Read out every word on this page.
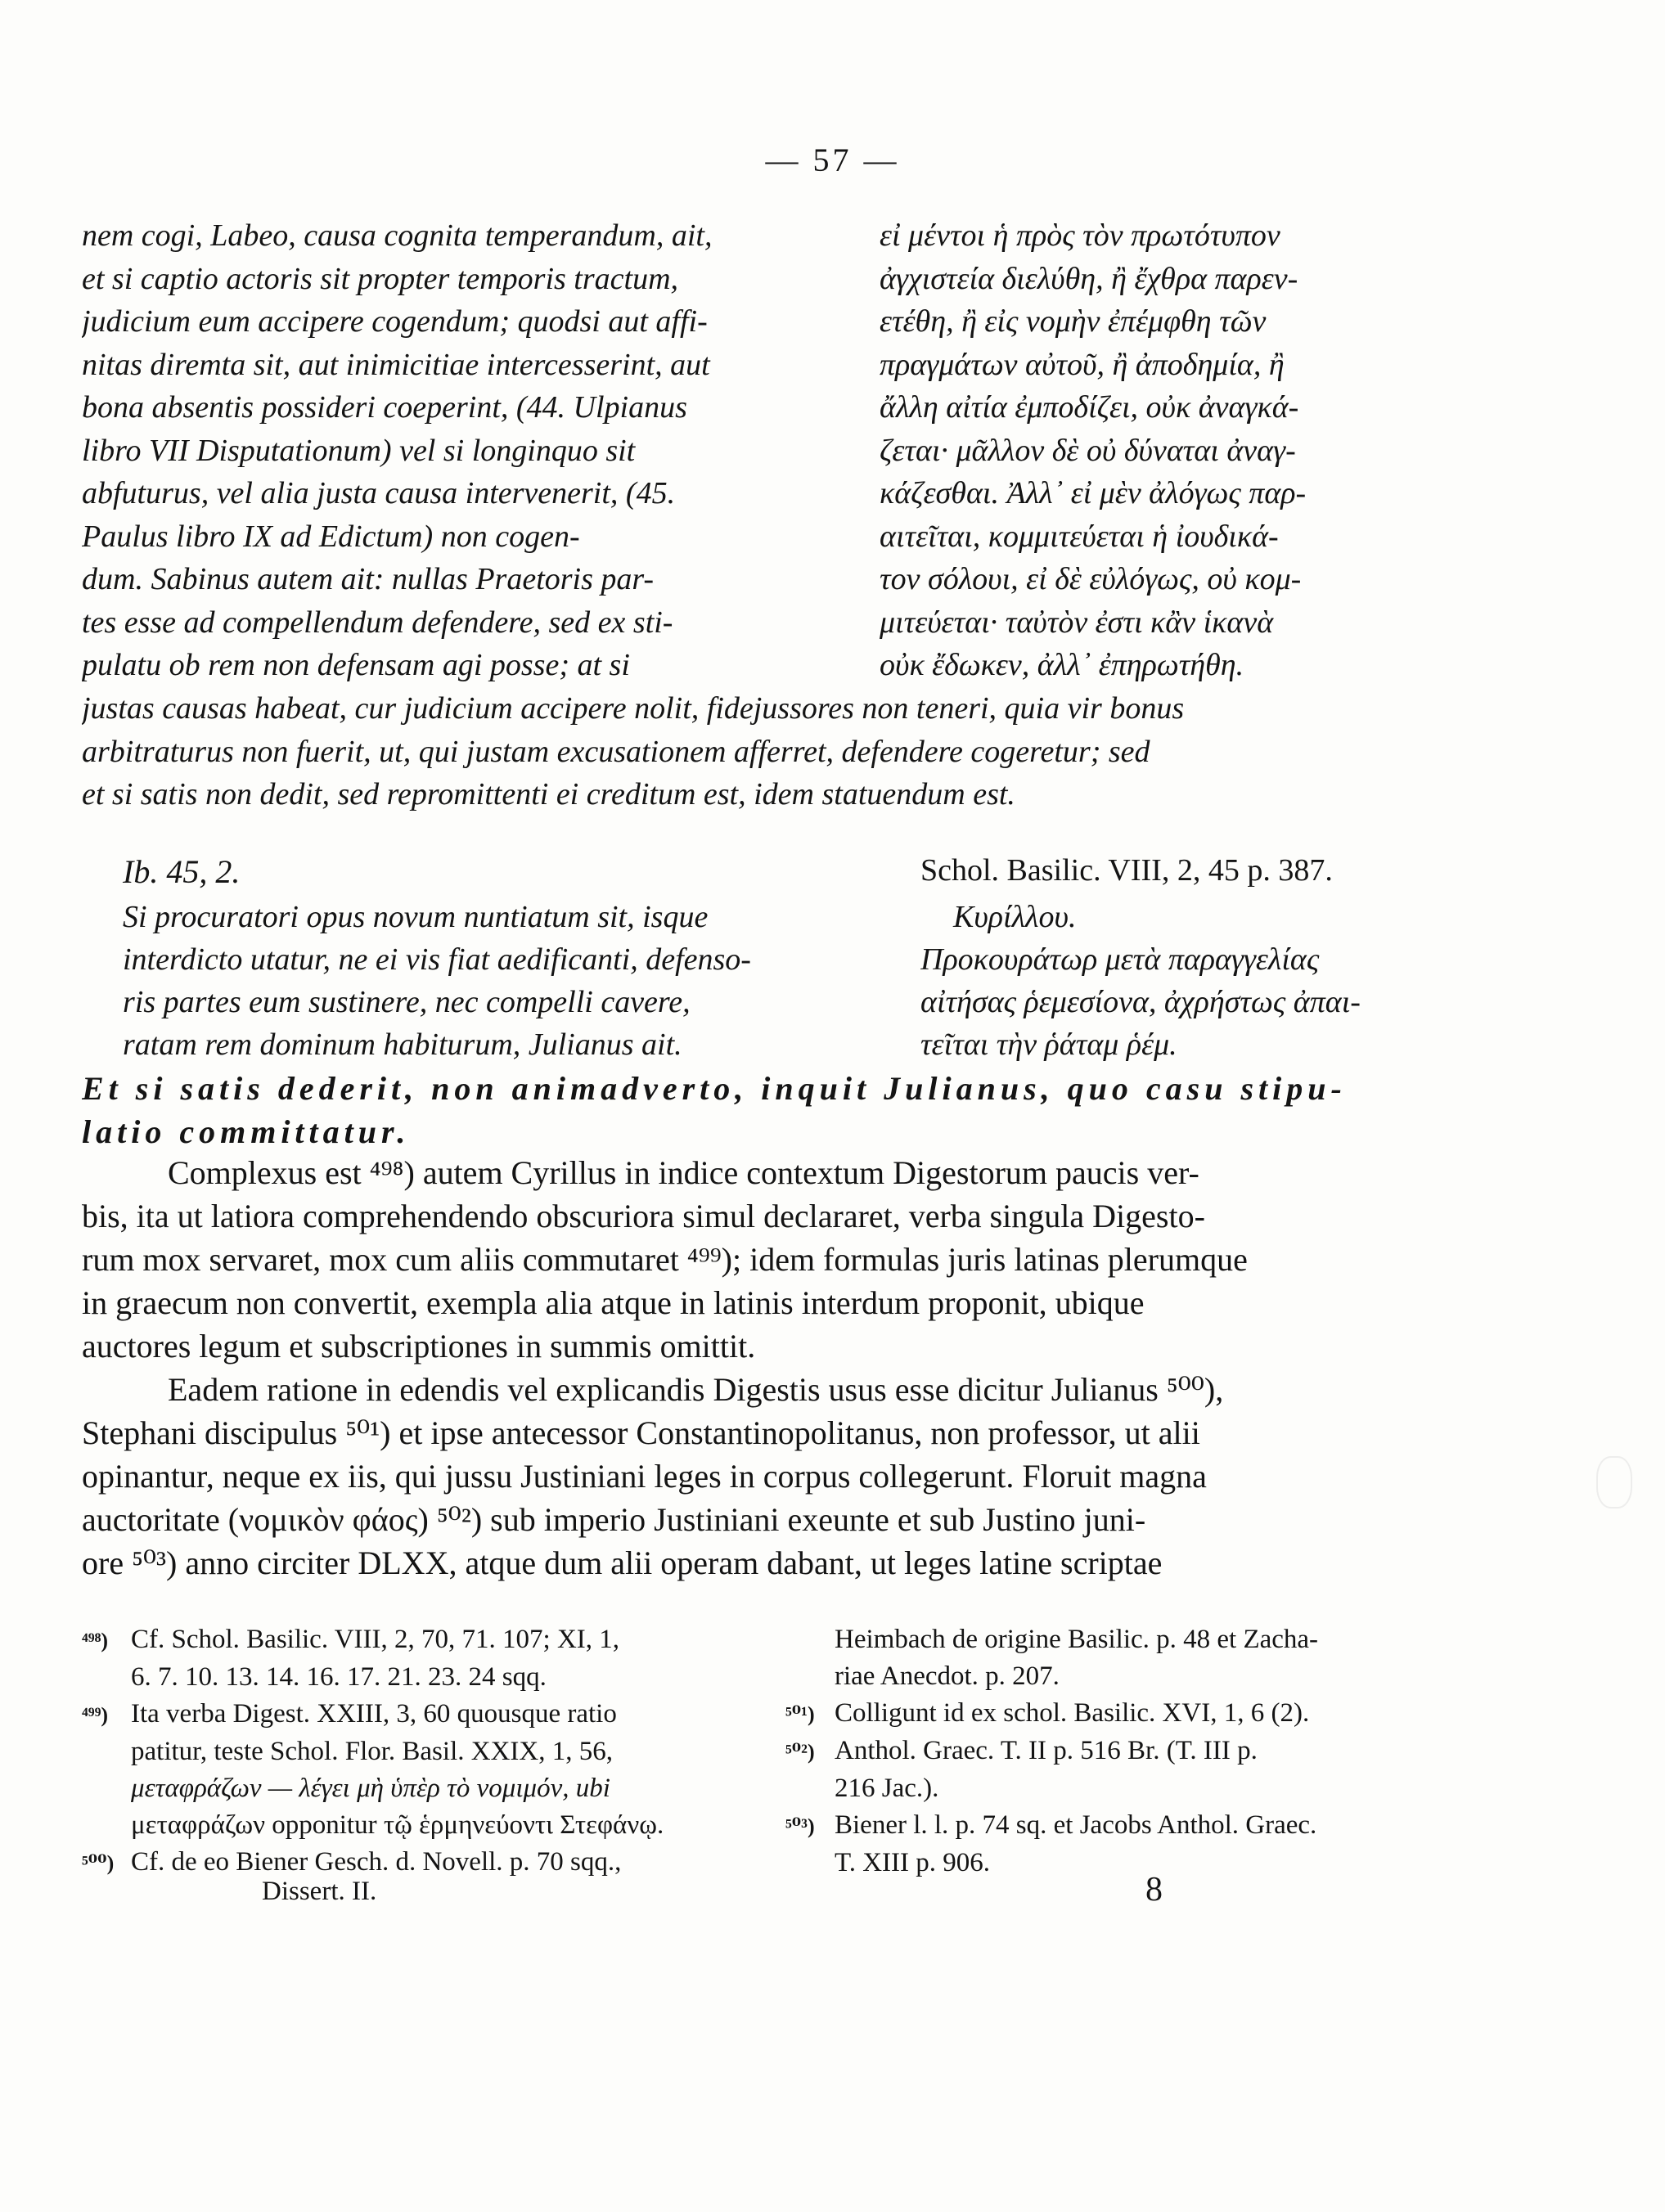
— 57 —
nem cogi, Labeo, causa cognita temperandum, ait,
et si captio actoris sit propter temporis tractum,
judicium eum accipere cogendum; quodsi aut affi-
nitas diremta sit, aut inimicitiae intercesserint, aut
bona absentis possideri coeperint, (44. Ulpianus
libro VII Disputationum) vel si longinquo sit
abfuturus, vel alia justa causa intervenerit, (45.
Paulus libro IX ad Edictum) non cogen-
dum. Sabinus autem ait: nullas Praetoris par-
tes esse ad compellendum defendere, sed ex sti-
pulatu ob rem non defensam agi posse; at si
εἰ μέντοι ἡ πρὸς τὸν πρωτότυπον
ἀγχιστεία διελύθη, ἢ ἔχθρα παρεν-
ετέθη, ἢ εἰς νομὴν ἐπέμφθη τῶν
πραγμάτων αὐτοῦ, ἢ ἀποδημία, ἢ
ἄλλη αἰτία ἐμποδίζει, οὐκ ἀναγκά-
ζεται· μᾶλλον δὲ οὐ δύναται ἀναγ-
κάζεσθαι. Ἀλλ᾽ εἰ μὲν ἀλόγως παρ-
αιτεῖται, κομμιτεύεται ἡ ἰουδικά-
τον σόλουι, εἰ δὲ εὐλόγως, οὐ κομ-
μιτεύεται· ταὐτὸν ἐστι κἂν ἱκανὰ
οὐκ ἔδωκεν, ἀλλ᾽ ἐπηρωτήθη.
justas causas habeat, cur judicium accipere nolit, fidejussores non teneri, quia vir bonus
arbitraturus non fuerit, ut, qui justam excusationem afferret, defendere cogeretur; sed
et si satis non dedit, sed repromittenti ei creditum est, idem statuendum est.
Ib. 45, 2.	Schol. Basilic. VIII, 2, 45 p. 387.
Si procuratori opus novum nuntiatum sit, isque
interdicto utatur, ne ei vis fiat aedificanti, defenso-
ris partes eum sustinere, nec compelli cavere,
ratam rem dominum habiturum, Julianus ait.
Κυρίλλου.
Προκουράτωρ μετὰ παραγγελίας
αἰτήσας ῥεμεσίονα, ἀχρήστως ἀπαι-
τεῖται τὴν ῥάταμ ῥέμ.
Et si satis dederit, non animadverto, inquit Julianus, quo casu stipu-
latio committatur.
Complexus est ⁴⁹⁸) autem Cyrillus in indice contextum Digestorum paucis ver-
bis, ita ut latiora comprehendendo obscuriora simul declararet, verba singula Digesto-
rum mox servaret, mox cum aliis commutaret ⁴⁹⁹); idem formulas juris latinas plerumque
in graecum non convertit, exempla alia atque in latinis interdum proponit, ubique
auctores legum et subscriptiones in summis omittit.
Eadem ratione in edendis vel explicandis Digestis usus esse dicitur Julianus ⁵⁰⁰),
Stephani discipulus ⁵⁰¹) et ipse antecessor Constantinopolitanus, non professor, ut alii
opinantur, neque ex iis, qui jussu Justiniani leges in corpus collegerunt. Floruit magna
auctoritate (νομικὸν φάος) ⁵⁰²) sub imperio Justiniani exeunte et sub Justino juni-
ore ⁵⁰³) anno circiter DLXX, atque dum alii operam dabant, ut leges latine scriptae
⁴⁹⁸) Cf. Schol. Basilic. VIII, 2, 70, 71. 107; XI, 1,
6. 7. 10. 13. 14. 16. 17. 21. 23. 24 sqq.
⁴⁹⁹) Ita verba Digest. XXIII, 3, 60 quousque ratio
patitur, teste Schol. Flor. Basil. XXIX, 1, 56,
μεταφράζων — λέγει μὴ ὑπὲρ τὸ νομιμόν, ubi
μεταφράζων opponitur τῷ ἑρμηνεύοντι Στεφάνῳ.
⁵⁰⁰) Cf. de eo Biener Gesch. d. Novell. p. 70 sqq.,
Heimbach de origine Basilic. p. 48 et Zacha-
riae Anecdot. p. 207.
⁵⁰¹) Colligunt id ex schol. Basilic. XVI, 1, 6 (2).
⁵⁰²) Anthol. Graec. T. II p. 516 Br. (T. III p.
216 Jac.).
⁵⁰³) Biener l. l. p. 74 sq. et Jacobs Anthol. Graec.
T. XIII p. 906.
Dissert. II.	8
